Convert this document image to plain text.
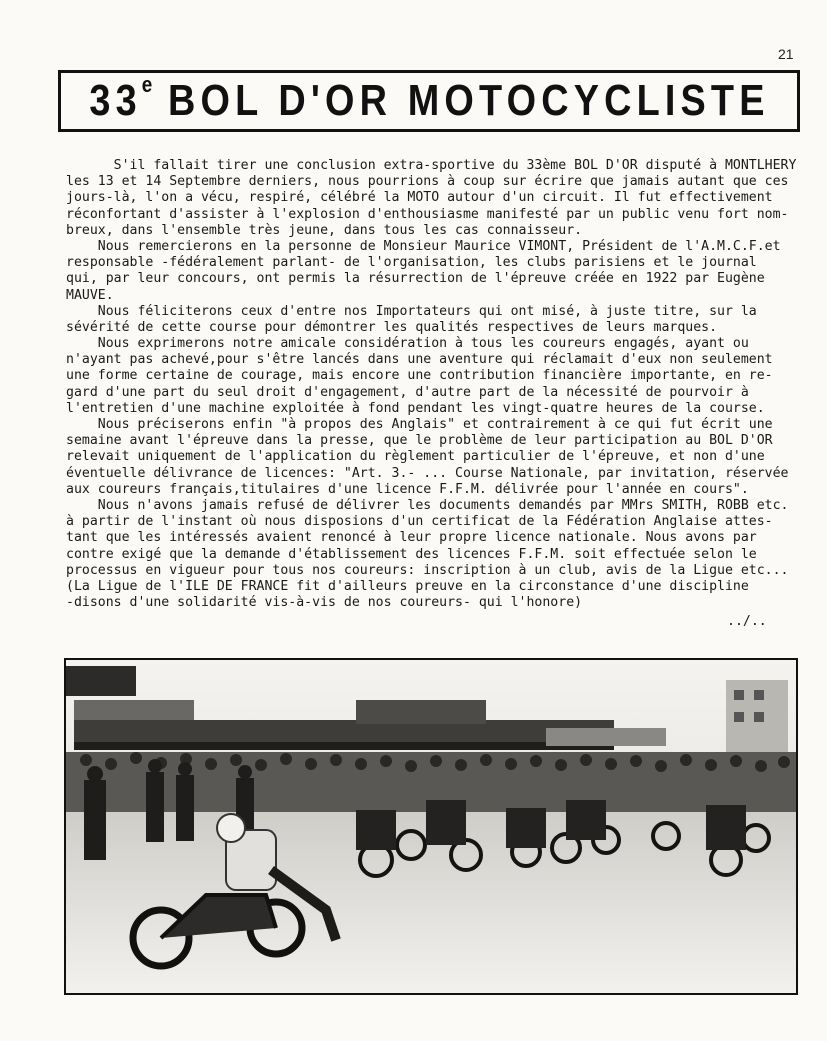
21
33e BOL D'OR MOTOCYCLISTE
S'il fallait tirer une conclusion extra-sportive du 33ème BOL D'OR disputé à MONTLHERY
les 13 et 14 Septembre derniers, nous pourrions à coup sur écrire que jamais autant que ces
jours-là, l'on a vécu, respiré, célébré la MOTO autour d'un circuit. Il fut effectivement
réconfortant d'assister à l'explosion d'enthousiasme manifesté par un public venu fort nom-
breux, dans l'ensemble très jeune, dans tous les cas connaisseur.
Nous remercierons en la personne de Monsieur Maurice VIMONT, Président de l'A.M.C.F.et
responsable -fédéralement parlant- de l'organisation, les clubs parisiens et le journal
qui, par leur concours, ont permis la résurrection de l'épreuve créée en 1922 par Eugène
MAUVE.
Nous féliciterons ceux d'entre nos Importateurs qui ont misé, à juste titre, sur la
sévérité de cette course pour démontrer les qualités respectives de leurs marques.
Nous exprimerons notre amicale considération à tous les coureurs engagés, ayant ou
n'ayant pas achevé,pour s'être lancés dans une aventure qui réclamait d'eux non seulement
une forme certaine de courage, mais encore une contribution financière importante, en re-
gard d'une part du seul droit d'engagement, d'autre part de la nécessité de pourvoir à
l'entretien d'une machine exploitée à fond pendant les vingt-quatre heures de la course.
Nous préciserons enfin "à propos des Anglais" et contrairement à ce qui fut écrit une
semaine avant l'épreuve dans la presse, que le problème de leur participation au BOL D'OR
relevait uniquement de l'application du règlement particulier de l'épreuve, et non d'une
éventuelle délivrance de licences: "Art. 3.- ... Course Nationale, par invitation, réservée
aux coureurs français,titulaires d'une licence F.F.M. délivrée pour l'année en cours".
Nous n'avons jamais refusé de délivrer les documents demandés par MMrs SMITH, ROBB etc.
à partir de l'instant où nous disposions d'un certificat de la Fédération Anglaise attes-
tant que les intéressés avaient renoncé à leur propre licence nationale. Nous avons par
contre exigé que la demande d'établissement des licences F.F.M. soit effectuée selon le
processus en vigueur pour tous nos coureurs: inscription à un club, avis de la Ligue etc...
(La Ligue de l'ILE DE FRANCE fit d'ailleurs preuve en la circonstance d'une discipline
-disons d'une solidarité vis-à-vis de nos coureurs- qui l'honore)
../..
